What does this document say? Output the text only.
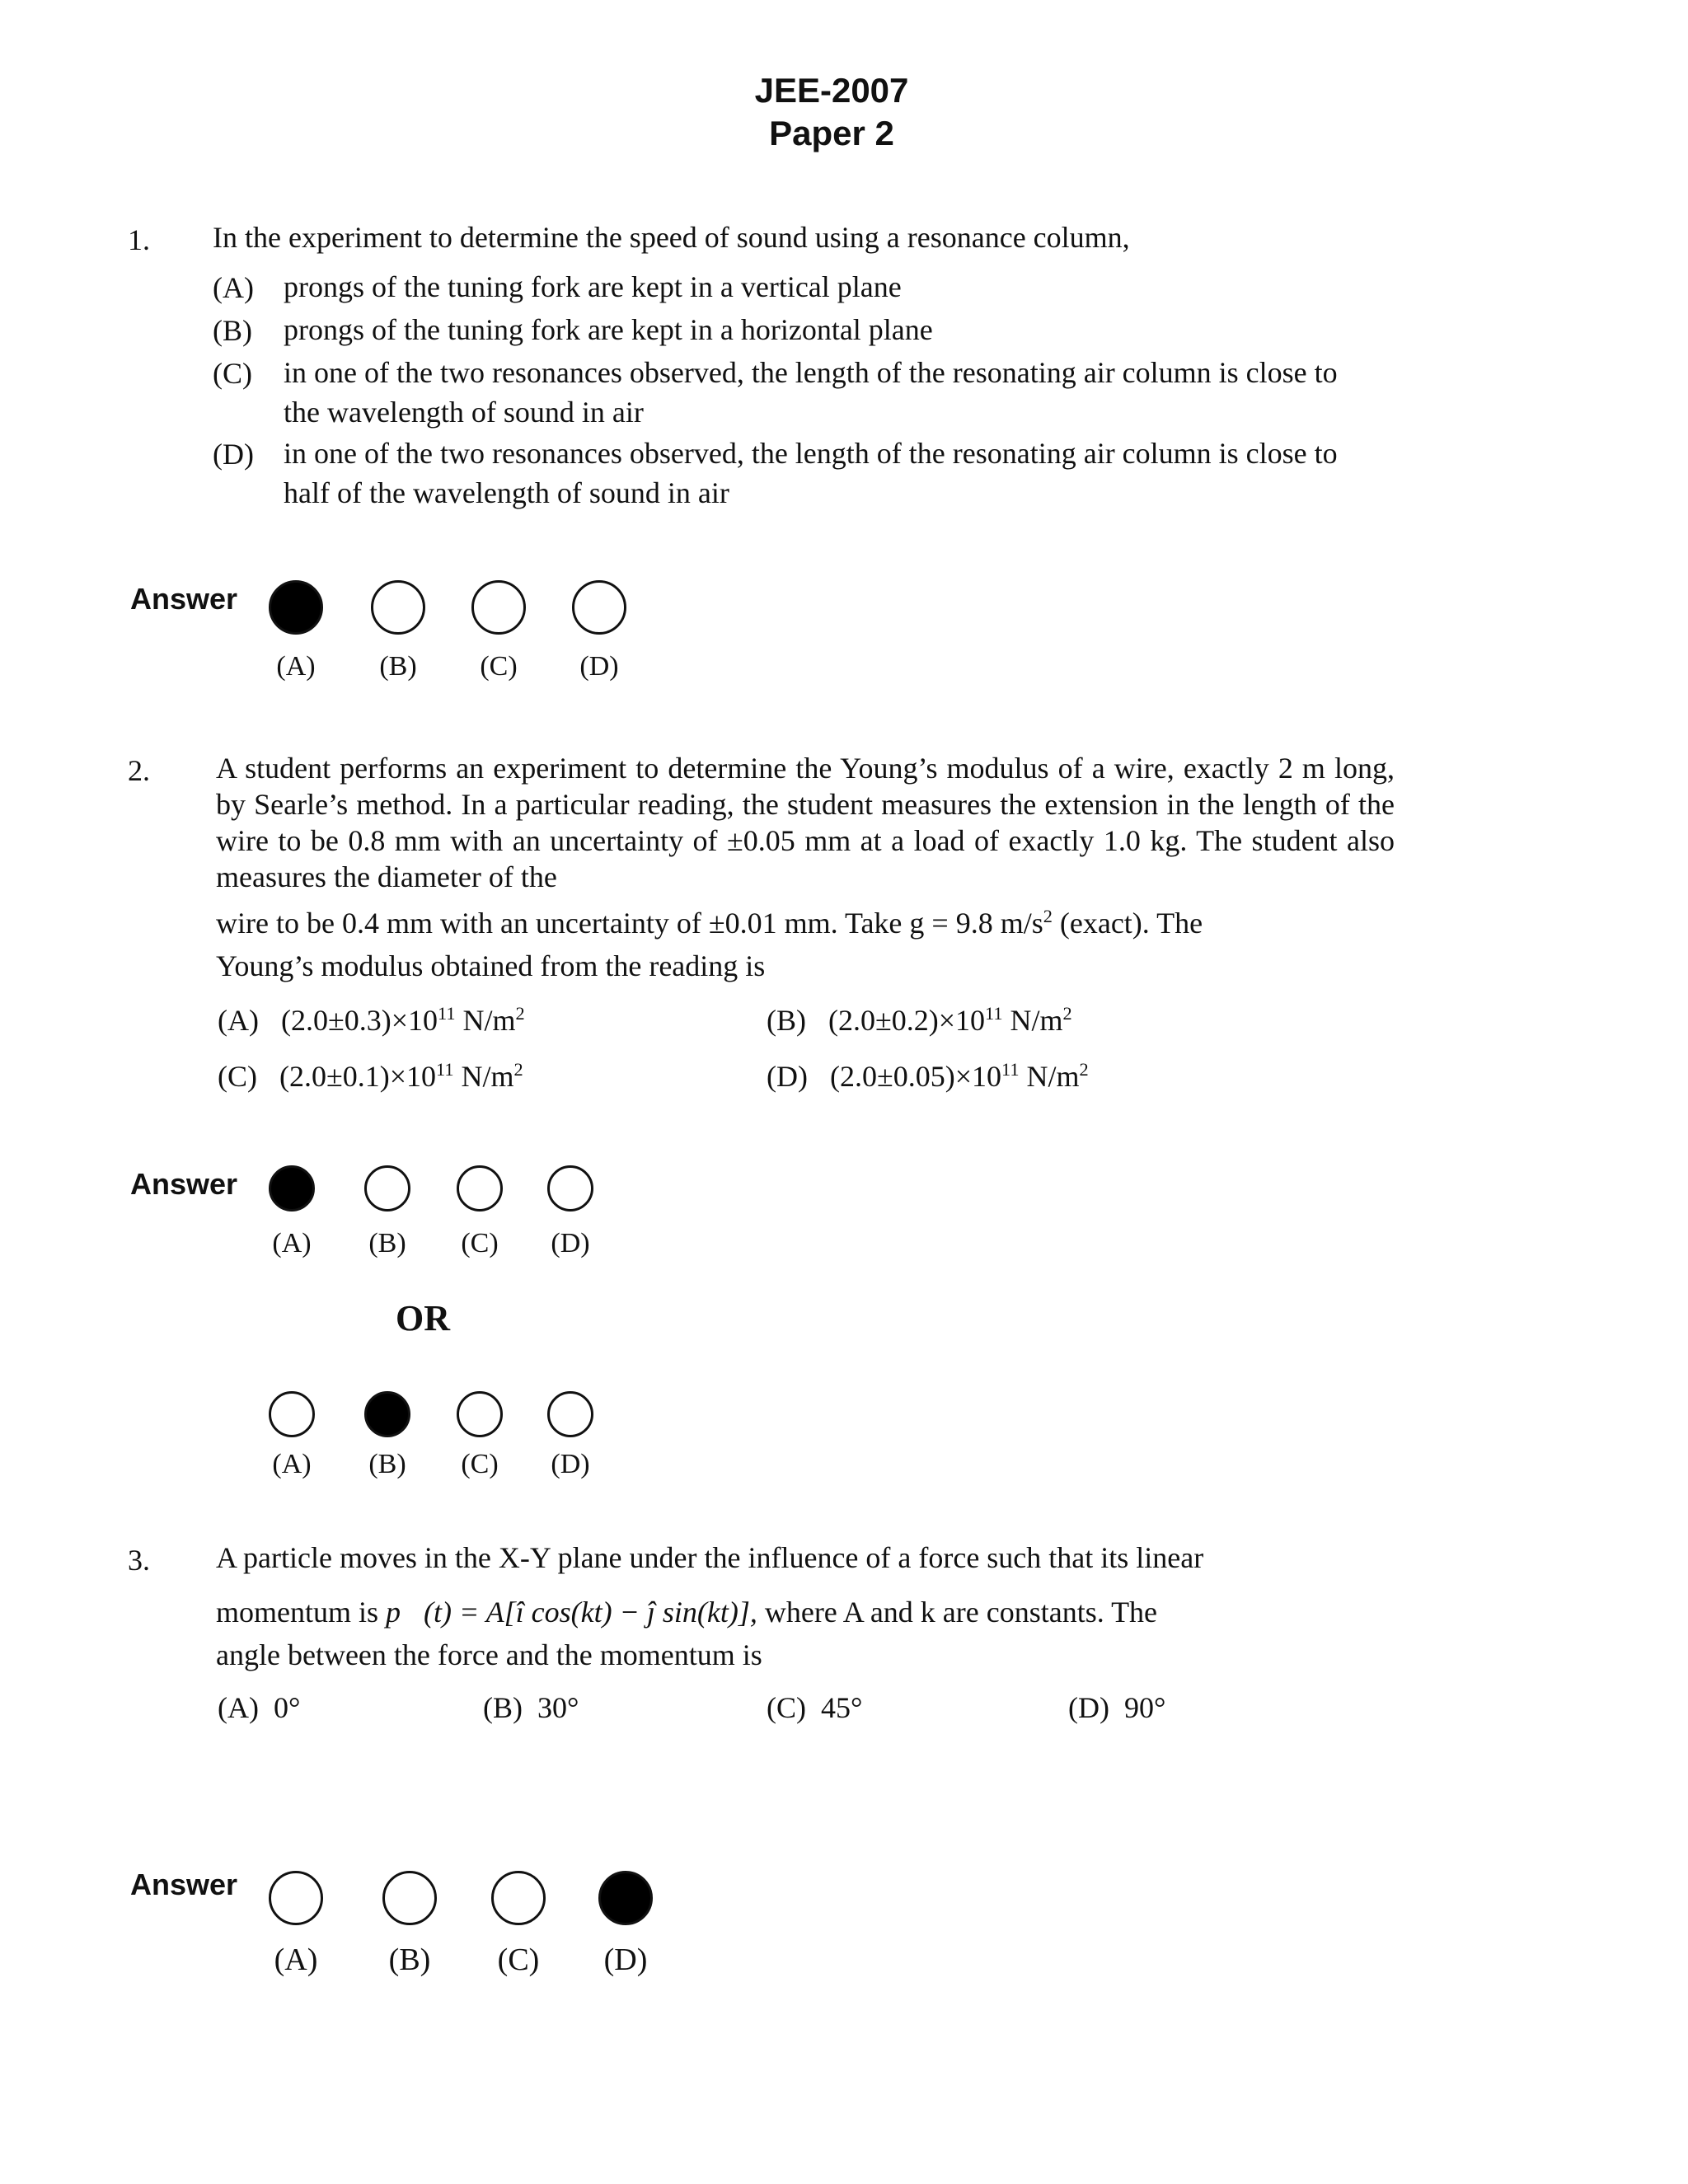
JEE-2007
Paper 2
1. In the experiment to determine the speed of sound using a resonance column,
(A) prongs of the tuning fork are kept in a vertical plane
(B) prongs of the tuning fork are kept in a horizontal plane
(C) in one of the two resonances observed, the length of the resonating air column is close to the wavelength of sound in air
(D) in one of the two resonances observed, the length of the resonating air column is close to half of the wavelength of sound in air
Answer
(A)	(B)	(C)	(D)
2. A student performs an experiment to determine the Young’s modulus of a wire, exactly 2 m long, by Searle’s method. In a particular reading, the student measures the extension in the length of the wire to be 0.8 mm with an uncertainty of ±0.05 mm at a load of exactly 1.0 kg. The student also measures the diameter of the
wire to be 0.4 mm with an uncertainty of ±0.01 mm. Take g = 9.8 $m/s^2$ (exact). The
Young’s modulus obtained from the reading is
(A) $(2.0\pm 0.3)\times 10^{11}$ $N/m^2$	(B) $(2.0\pm 0.2)\times 10^{11}$ $N/m^2$
(C) $(2.0\pm 0.1)\times 10^{11}$ $N/m^2$	(D) $(2.0\pm 0.05)\times 10^{11}$ $N/m^2$
Answer
(A)	(B)	(C)	(D)
OR
(A)	(B)	(C)	(D)
3. A particle moves in the X-Y plane under the influence of a force such that its linear
momentum is p⃗(t) = A[î cos(kt) − ĵ sin(kt)], where A and k are constants. The
angle between the force and the momentum is
(A) 0°	(B) 30°	(C) 45°	(D) 90°
Answer
(A)	(B)	(C)	(D)
